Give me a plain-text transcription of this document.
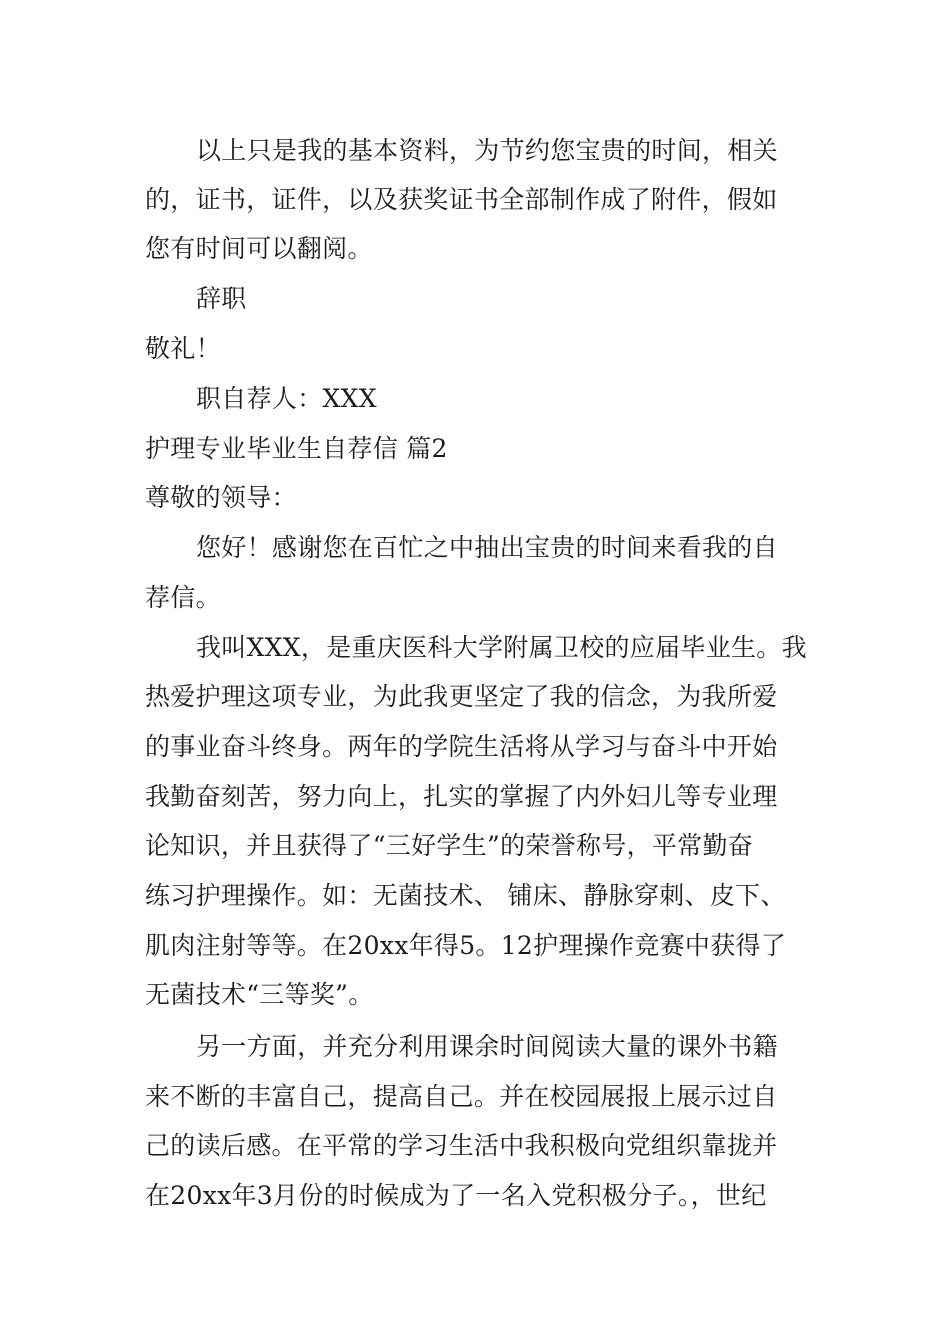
以上只是我的基本资料，为节约您宝贵的时间，相关
的，证书，证件，以及获奖证书全部制作成了附件，假如
您有时间可以翻阅。
辞职
敬礼！
职自荐人：XXX
护理专业毕业生自荐信 篇2
尊敬的领导：
您好！感谢您在百忙之中抽出宝贵的时间来看我的自
荐信。
我叫XXX，是重庆医科大学附属卫校的应届毕业生。我
热爱护理这项专业，为此我更坚定了我的信念，为我所爱
的事业奋斗终身。两年的学院生活将从学习与奋斗中开始
我勤奋刻苦，努力向上，扎实的掌握了内外妇儿等专业理
论知识，并且获得了“三好学生”的荣誉称号，平常勤奋
练习护理操作。如：无菌技术、 铺床、静脉穿刺、皮下、
肌肉注射等等。在20xx年得5。12护理操作竞赛中获得了
无菌技术“三等奖”。
另一方面，并充分利用课余时间阅读大量的课外书籍
来不断的丰富自己，提高自己。并在校园展报上展示过自
己的读后感。在平常的学习生活中我积极向党组织靠拢并
在20xx年3月份的时候成为了一名入党积极分子。，世纪
